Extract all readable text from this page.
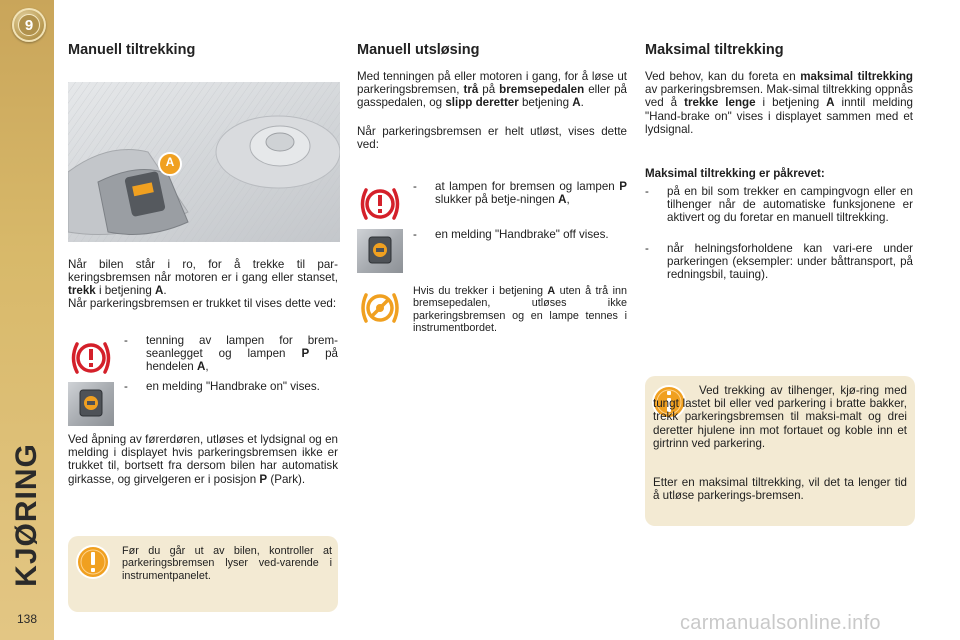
9
KJØRING
138
Manuell tiltrekking
A

Når bilen står i ro, for å trekke til par-keringsbremsen når motoren er i gang eller stanset, trekk i betjening A.

Når parkeringsbremsen er trukket til vises dette ved:

- tenning av lampen for brem-seanlegget og lampen P på hendelen A,
- en melding "Handbrake on" vises.

Ved åpning av førerdøren, utløses et lydsignal og en melding i displayet hvis parkeringsbremsen ikke er trukket til, bortsett fra dersom bilen har automatisk girkasse, og girvelgeren er i posisjon P (Park).

Før du går ut av bilen, kontroller at parkeringsbremsen lyser ved-varende i instrumentpanelet.

Manuell utsløsing

Med tenningen på eller motoren i gang, for å løse ut parkeringsbremsen, trå på bremsepedalen eller på gasspedalen, og slipp deretter betjening A.

Når parkeringsbremsen er helt utløst, vises dette ved:

- at lampen for bremsen og lampen P slukker på betje-ningen A,
- en melding "Handbrake" off vises.

Hvis du trekker i betjening A uten å trå inn bremsepedalen, utløses ikke parkeringsbremsen og en lampe tennes i instrumentbordet.

Maksimal tiltrekking

Ved behov, kan du foreta en maksimal tiltrekking av parkeringsbremsen. Mak-simal tiltrekking oppnås ved å trekke lenge i betjening A inntil melding "Hand-brake on" vises i displayet sammen med et lydsignal.

Maksimal tiltrekking er påkrevet:

- på en bil som trekker en campingvogn eller en tilhenger når de automatiske funksjonene er aktivert og du foretar en manuell tiltrekking.
- når helningsforholdene kan vari-ere under parkeringen (eksempler: under båttransport, på redningsbil, tauing).

Ved trekking av tilhenger, kjø-ring med tungt lastet bil eller ved parkering i bratte bakker, trekk parkeringsbremsen til maksi-malt og drei deretter hjulene inn mot fortauet og koble inn et girtrinn ved parkering.

Etter en maksimal tiltrekking, vil det ta lenger tid å utløse parkerings-bremsen.

carmanualsonline.info
